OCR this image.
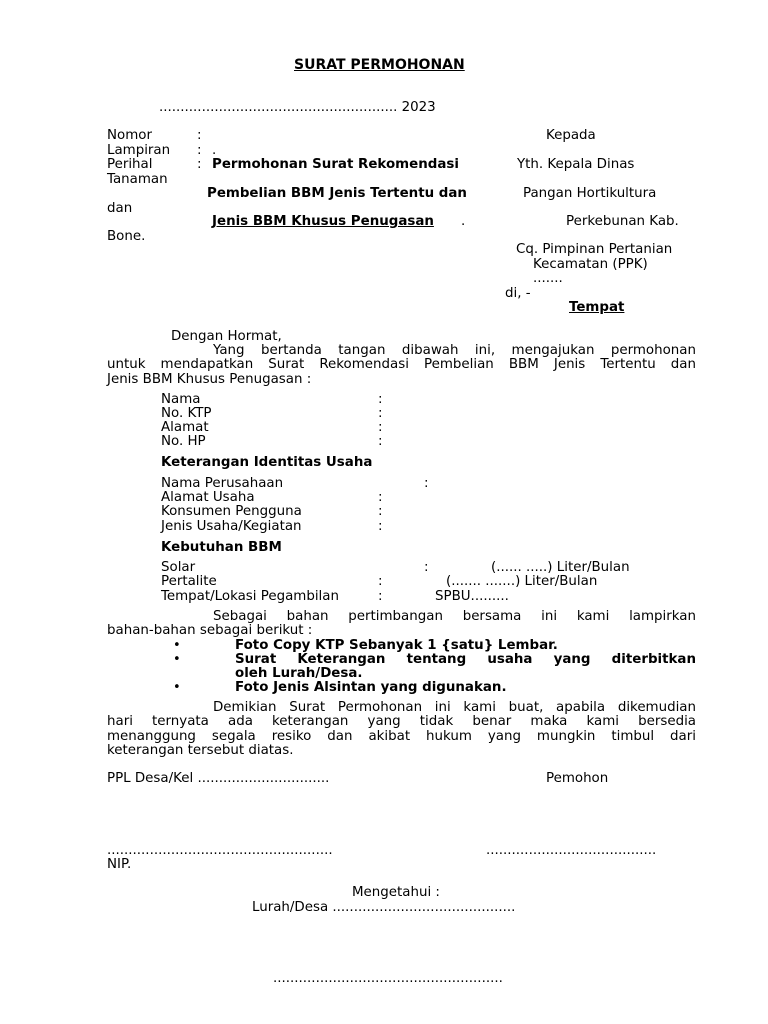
SURAT PERMOHONAN
........................................................ 2023
Nomor	:
Lampiran : .
Perihal	: Permohonan Surat Rekomendasi
Pembelian BBM Jenis Tertentu dan
Jenis BBM Khusus Penugasan .
Kepada
Yth. Kepala Dinas
Tanaman
Pangan Hortikultura
dan
Perkebunan Kab.
Bone.
Cq. Pimpinan Pertanian
Kecamatan (PPK)
.......
di, -
Tempat
Dengan Hormat,
Yang bertanda tangan dibawah ini, mengajukan permohonan
untuk mendapatkan Surat Rekomendasi Pembelian BBM Jenis Tertentu dan
Jenis BBM Khusus Penugasan :
Nama	:
No. KTP	:
Alamat	:
No. HP	:
Keterangan Identitas Usaha
Nama Perusahaan	:
Alamat Usaha	:
Konsumen Pengguna	:
Jenis Usaha/Kegiatan	:
Kebutuhan BBM
Solar	:	(...... .....) Liter/Bulan
Pertalite	:	(....... .......) Liter/Bulan
Tempat/Lokasi Pegambilan	:	SPBU.........
Sebagai bahan pertimbangan bersama ini kami lampirkan
bahan-bahan sebagai berikut :
•	Foto Copy KTP Sebanyak 1 {satu} Lembar.
•	Surat Keterangan tentang usaha yang diterbitkan
oleh Lurah/Desa.
•	Foto Jenis Alsintan yang digunakan.
Demikian Surat Permohonan ini kami buat, apabila dikemudian
hari ternyata ada keterangan yang tidak benar maka kami bersedia
menanggung segala resiko dan akibat hukum yang mungkin timbul dari
keterangan tersebut diatas.
PPL Desa/Kel ...............................	Pemohon
.....................................................	........................................
NIP.
Mengetahui :
Lurah/Desa ...........................................
......................................................
